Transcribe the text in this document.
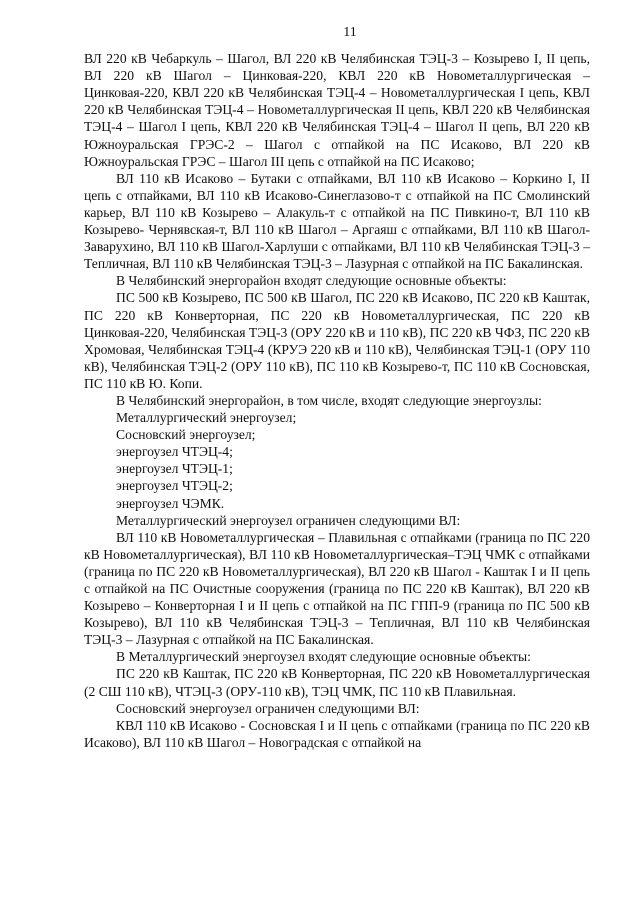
11

ВЛ 220 кВ Чебаркуль – Шагол, ВЛ 220 кВ Челябинская ТЭЦ-3 – Козырево I, II цепь, ВЛ 220 кВ Шагол – Цинковая-220, КВЛ 220 кВ Новометаллургическая – Цинковая-220, КВЛ 220 кВ Челябинская ТЭЦ-4 – Новометаллургическая I цепь, КВЛ 220 кВ Челябинская ТЭЦ-4 – Новометаллургическая II цепь, КВЛ 220 кВ Челябинская ТЭЦ-4 – Шагол I цепь, КВЛ 220 кВ Челябинская ТЭЦ-4 – Шагол II цепь, ВЛ 220 кВ Южноуральская ГРЭС-2 – Шагол с отпайкой на ПС Исаково, ВЛ 220 кВ Южноуральская ГРЭС – Шагол III цепь с отпайкой на ПС Исаково;

ВЛ 110 кВ Исаково – Бутаки с отпайками, ВЛ 110 кВ Исаково – Коркино I, II цепь с отпайками, ВЛ 110 кВ Исаково-Синеглазово-т с отпайкой на ПС Смолинский карьер, ВЛ 110 кВ Козырево – Алакуль-т с отпайкой на ПС Пивкино-т, ВЛ 110 кВ Козырево- Чернявская-т, ВЛ 110 кВ Шагол – Аргаяш с отпайками, ВЛ 110 кВ Шагол-Заварухино, ВЛ 110 кВ Шагол-Харлуши с отпайками, ВЛ 110 кВ Челябинская ТЭЦ-3 – Тепличная, ВЛ 110 кВ Челябинская ТЭЦ-3 – Лазурная с отпайкой на ПС Бакалинская.

В Челябинский энергорайон входят следующие основные объекты:

ПС 500 кВ Козырево, ПС 500 кВ Шагол, ПС 220 кВ Исаково, ПС 220 кВ Каштак, ПС 220 кВ Конверторная, ПС 220 кВ Новометаллургическая, ПС 220 кВ Цинковая-220, Челябинская ТЭЦ-3 (ОРУ 220 кВ и 110 кВ), ПС 220 кВ ЧФЗ, ПС 220 кВ Хромовая, Челябинская ТЭЦ-4 (КРУЭ 220 кВ и 110 кВ), Челябинская ТЭЦ-1 (ОРУ 110 кВ), Челябинская ТЭЦ-2 (ОРУ 110 кВ), ПС 110 кВ Козырево-т, ПС 110 кВ Сосновская, ПС 110 кВ Ю. Копи.

В Челябинский энергорайон, в том числе, входят следующие энергоузлы:

Металлургический энергоузел;

Сосновский энергоузел;

энергоузел ЧТЭЦ-4;

энергоузел ЧТЭЦ-1;

энергоузел ЧТЭЦ-2;

энергоузел ЧЭМК.

Металлургический энергоузел ограничен следующими ВЛ:

ВЛ 110 кВ Новометаллургическая – Плавильная с отпайками (граница по ПС 220 кВ Новометаллургическая), ВЛ 110 кВ Новометаллургическая–ТЭЦ ЧМК с отпайками (граница по ПС 220 кВ Новометаллургическая), ВЛ 220 кВ Шагол - Каштак I и II цепь с отпайкой на ПС Очистные сооружения (граница по ПС 220 кВ Каштак), ВЛ 220 кВ Козырево – Конверторная I и II цепь с отпайкой на ПС ГПП-9 (граница по ПС 500 кВ Козырево), ВЛ 110 кВ Челябинская ТЭЦ-3 – Тепличная, ВЛ 110 кВ Челябинская ТЭЦ-3 – Лазурная с отпайкой на ПС Бакалинская.

В Металлургический энергоузел входят следующие основные объекты:

ПС 220 кВ Каштак, ПС 220 кВ Конверторная, ПС 220 кВ Новометаллургическая (2 СШ 110 кВ), ЧТЭЦ-3 (ОРУ-110 кВ), ТЭЦ ЧМК, ПС 110 кВ Плавильная.

Сосновский энергоузел ограничен следующими ВЛ:

КВЛ 110 кВ Исаково - Сосновская I и II цепь с отпайками (граница по ПС 220 кВ Исаково), ВЛ 110 кВ Шагол – Новоградская с отпайкой на
